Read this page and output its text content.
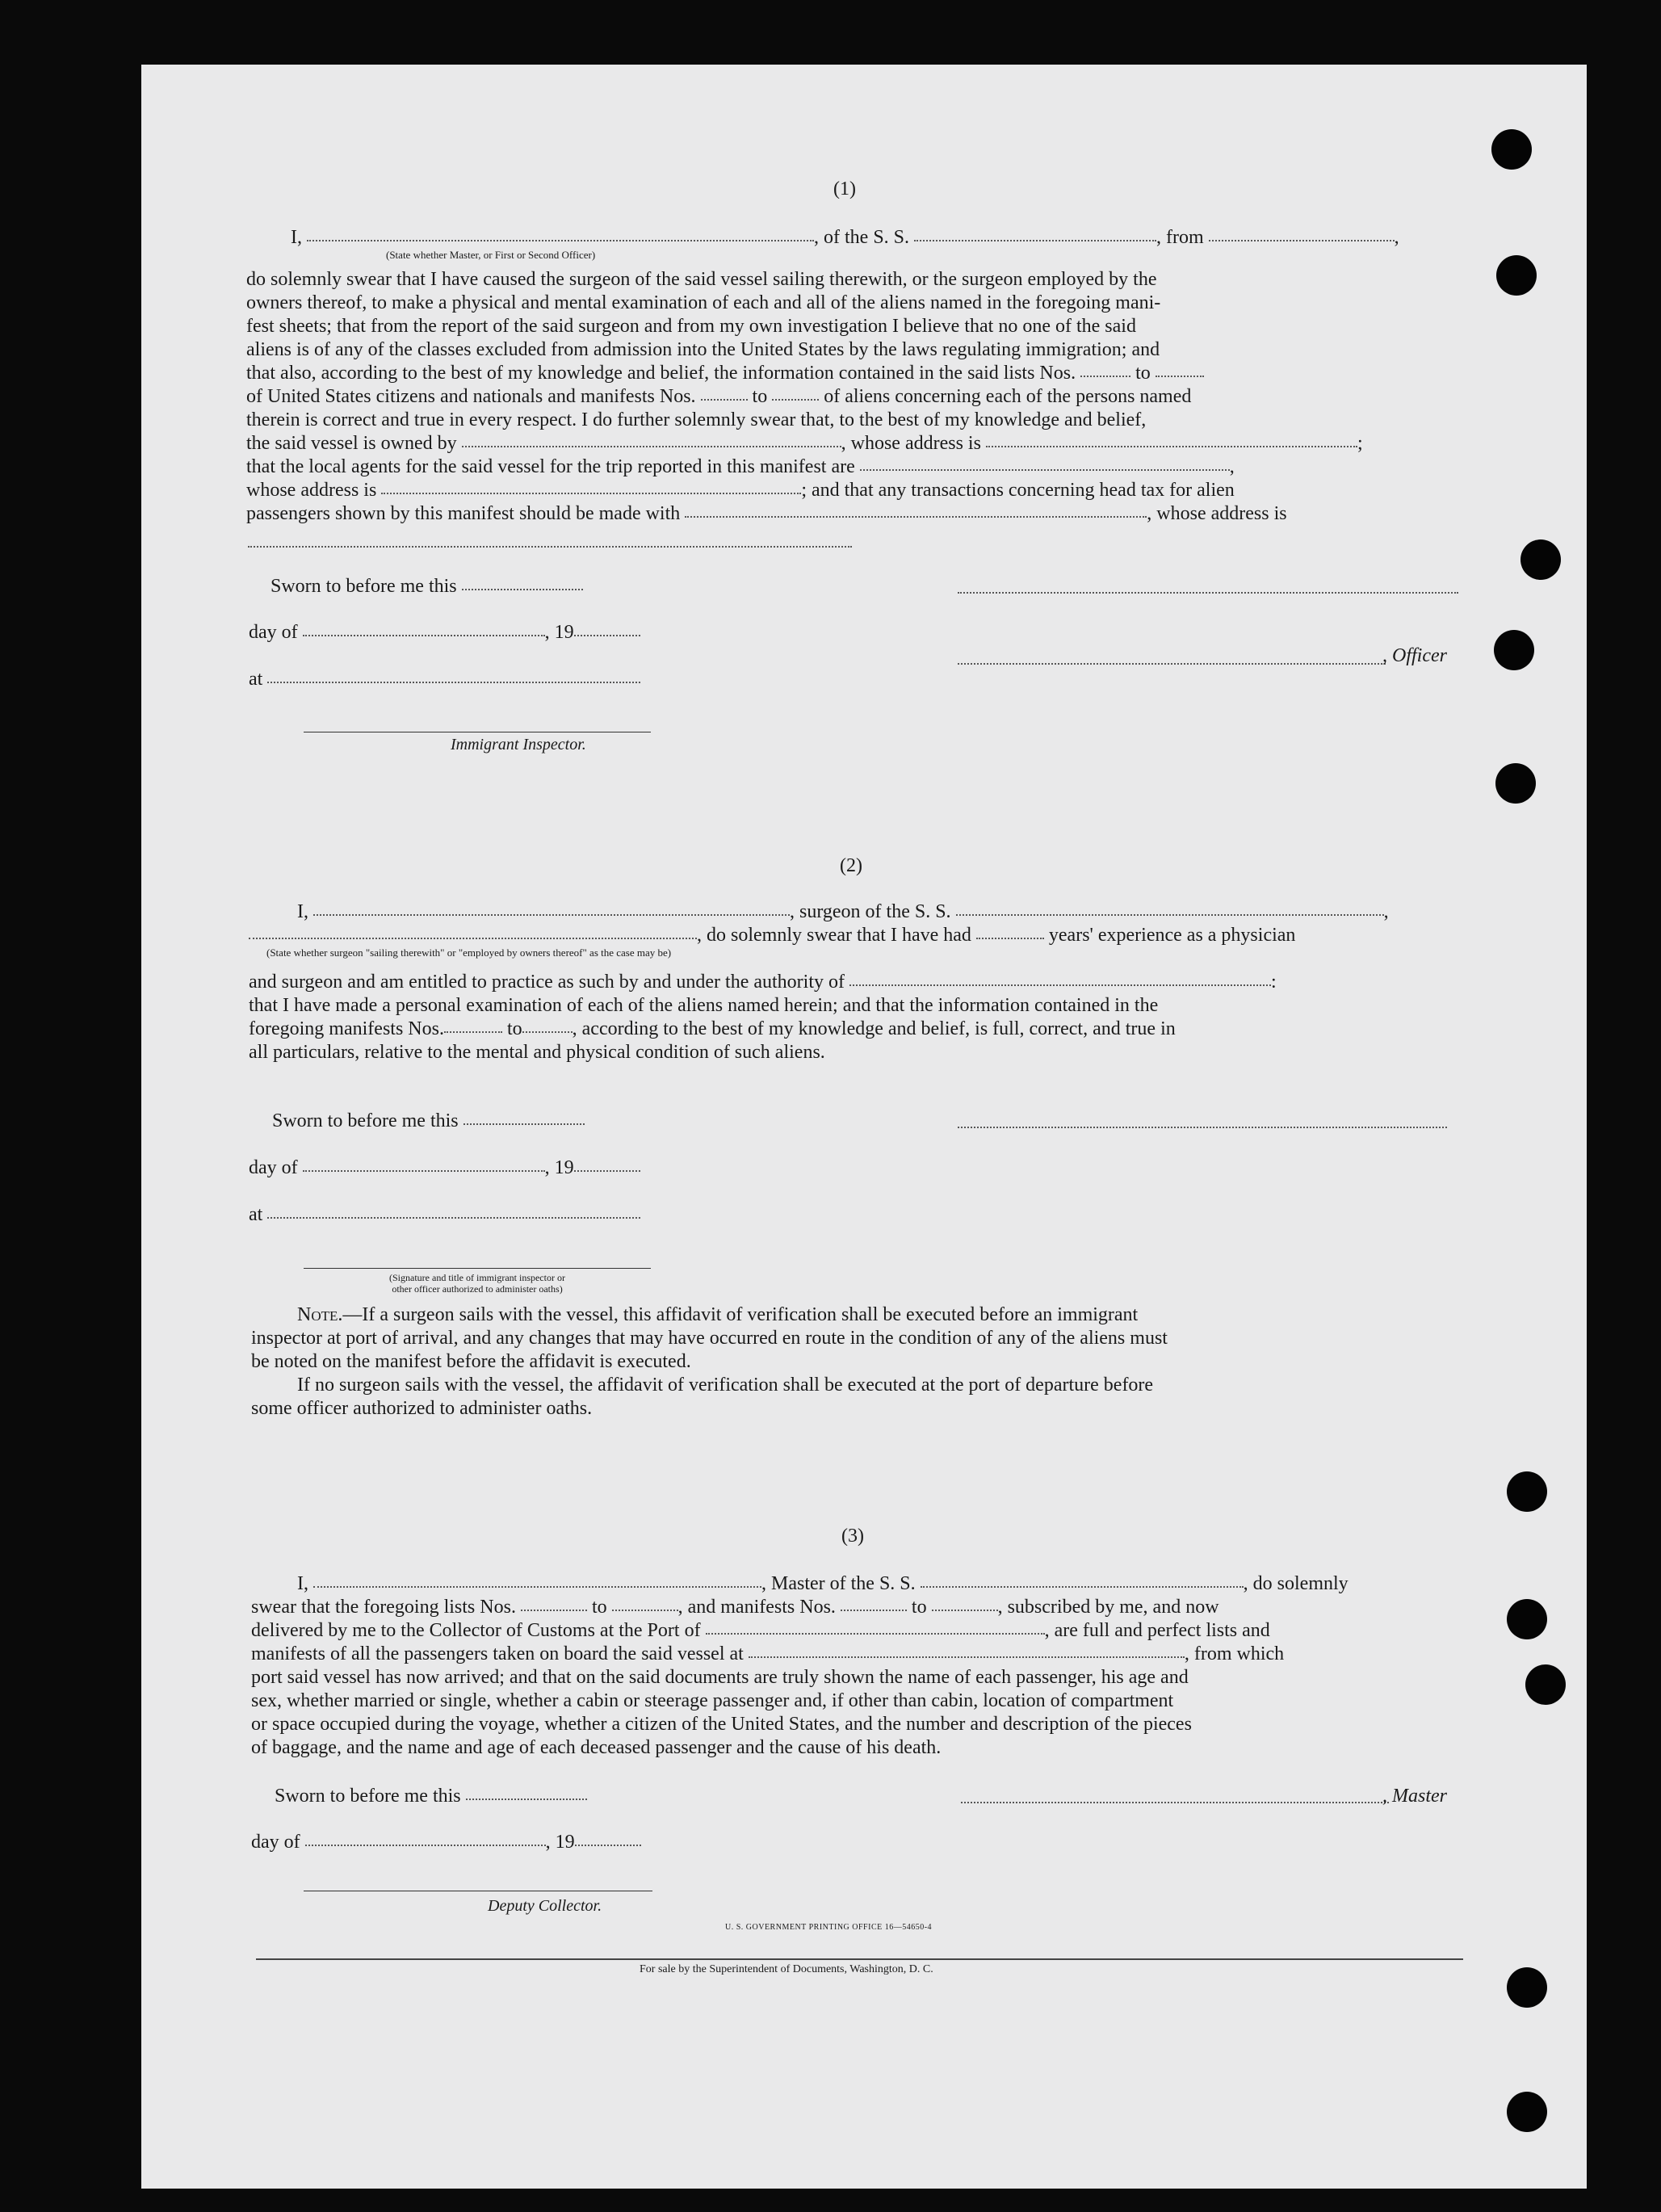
(1)
I,	, of the S. S.	, from	,
(State whether Master, or First or Second Officer)
do solemnly swear that I have caused the surgeon of the said vessel sailing therewith, or the surgeon employed by the
owners thereof, to make a physical and mental examination of each and all of the aliens named in the foregoing mani-
fest sheets; that from the report of the said surgeon and from my own investigation I believe that no one of the said
aliens is of any of the classes excluded from admission into the United States by the laws regulating immigration; and
that also, according to the best of my knowledge and belief, the information contained in the said lists Nos.	to
of United States citizens and nationals and manifests Nos.	to	of aliens concerning each of the persons named
therein is correct and true in every respect. I do further solemnly swear that, to the best of my knowledge and belief,
the said vessel is owned by	, whose address is	;
that the local agents for the said vessel for the trip reported in this manifest are	,
whose address is	; and that any transactions concerning head tax for alien
passengers shown by this manifest should be made with	, whose address is
Sworn to before me this
day of	, 19
at
Immigrant Inspector.
, Officer
(2)
I,	, surgeon of the S. S.	,
, do solemnly swear that I have had	years' experience as a physician
(State whether surgeon "sailing therewith" or "employed by owners thereof" as the case may be)
and surgeon and am entitled to practice as such by and under the authority of	:
that I have made a personal examination of each of the aliens named herein; and that the information contained in the
foregoing manifests Nos.	to	, according to the best of my knowledge and belief, is full, correct, and true in
all particulars, relative to the mental and physical condition of such aliens.
Sworn to before me this
day of	, 19
at
(Signature and title of immigrant inspector or
other officer authorized to administer oaths)
Note.—If a surgeon sails with the vessel, this affidavit of verification shall be executed before an immigrant
inspector at port of arrival, and any changes that may have occurred en route in the condition of any of the aliens must
be noted on the manifest before the affidavit is executed.
If no surgeon sails with the vessel, the affidavit of verification shall be executed at the port of departure before
some officer authorized to administer oaths.
(3)
I,	, Master of the S. S.	, do solemnly
swear that the foregoing lists Nos.	to	, and manifests Nos.	to	, subscribed by me, and now
delivered by me to the Collector of Customs at the Port of	, are full and perfect lists and
manifests of all the passengers taken on board the said vessel at	, from which
port said vessel has now arrived; and that on the said documents are truly shown the name of each passenger, his age and
sex, whether married or single, whether a cabin or steerage passenger and, if other than cabin, location of compartment
or space occupied during the voyage, whether a citizen of the United States, and the number and description of the pieces
of baggage, and the name and age of each deceased passenger and the cause of his death.
Sworn to before me this
day of	, 19
, Master
Deputy Collector.
U. S. GOVERNMENT PRINTING OFFICE 16—54650-4
For sale by the Superintendent of Documents, Washington, D. C.
